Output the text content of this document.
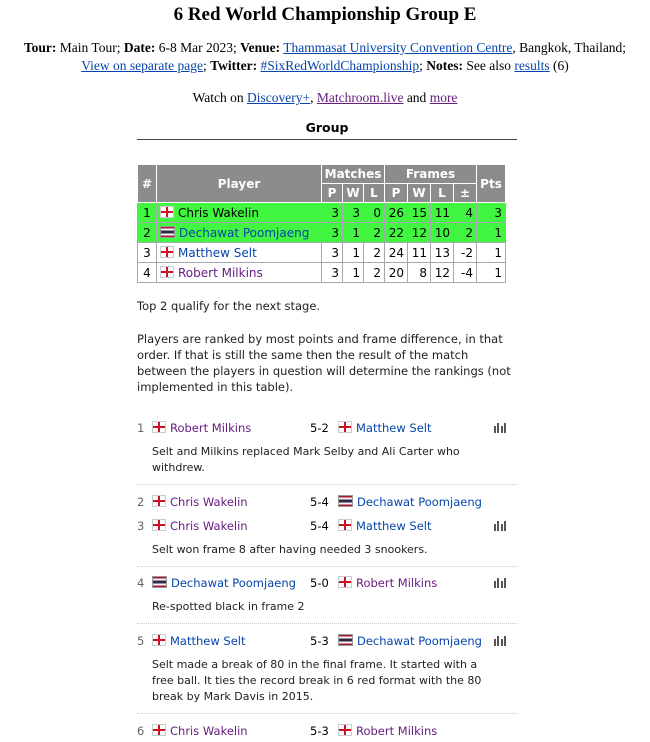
6 Red World Championship Group E
Tour: Main Tour; Date: 6-8 Mar 2023; Venue: Thammasat University Convention Centre, Bangkok, Thailand;
View on separate page; Twitter: #SixRedWorldChampionship; Notes: See also results (6)
Watch on Discovery+, Matchroom.live and more
Group
#	Player	Matches			Frames				Pts
		P	W	L	P	W	L	±	
1	Chris Wakelin	3	3	0	26	15	11	4	3
2	Dechawat Poomjaeng	3	1	2	22	12	10	2	1
3	Matthew Selt	3	1	2	24	11	13	-2	1
4	Robert Milkins	3	1	2	20	8	12	-4	1
Top 2 qualify for the next stage.
Players are ranked by most points and frame difference, in that order. If that is still the same then the result of the match between the players in question will determine the rankings (not implemented in this table).
1	Robert Milkins	5-2	Matthew Selt
Selt and Milkins replaced Mark Selby and Ali Carter who withdrew.
2	Chris Wakelin	5-4	Dechawat Poomjaeng
3	Chris Wakelin	5-4	Matthew Selt
Selt won frame 8 after having needed 3 snookers.
4	Dechawat Poomjaeng 5-0	Robert Milkins
Re-spotted black in frame 2
5	Matthew Selt	5-3	Dechawat Poomjaeng
Selt made a break of 80 in the final frame. It started with a free ball. It ties the record break in 6 red format with the 80 break by Mark Davis in 2015.
6	Chris Wakelin	5-3	Robert Milkins
